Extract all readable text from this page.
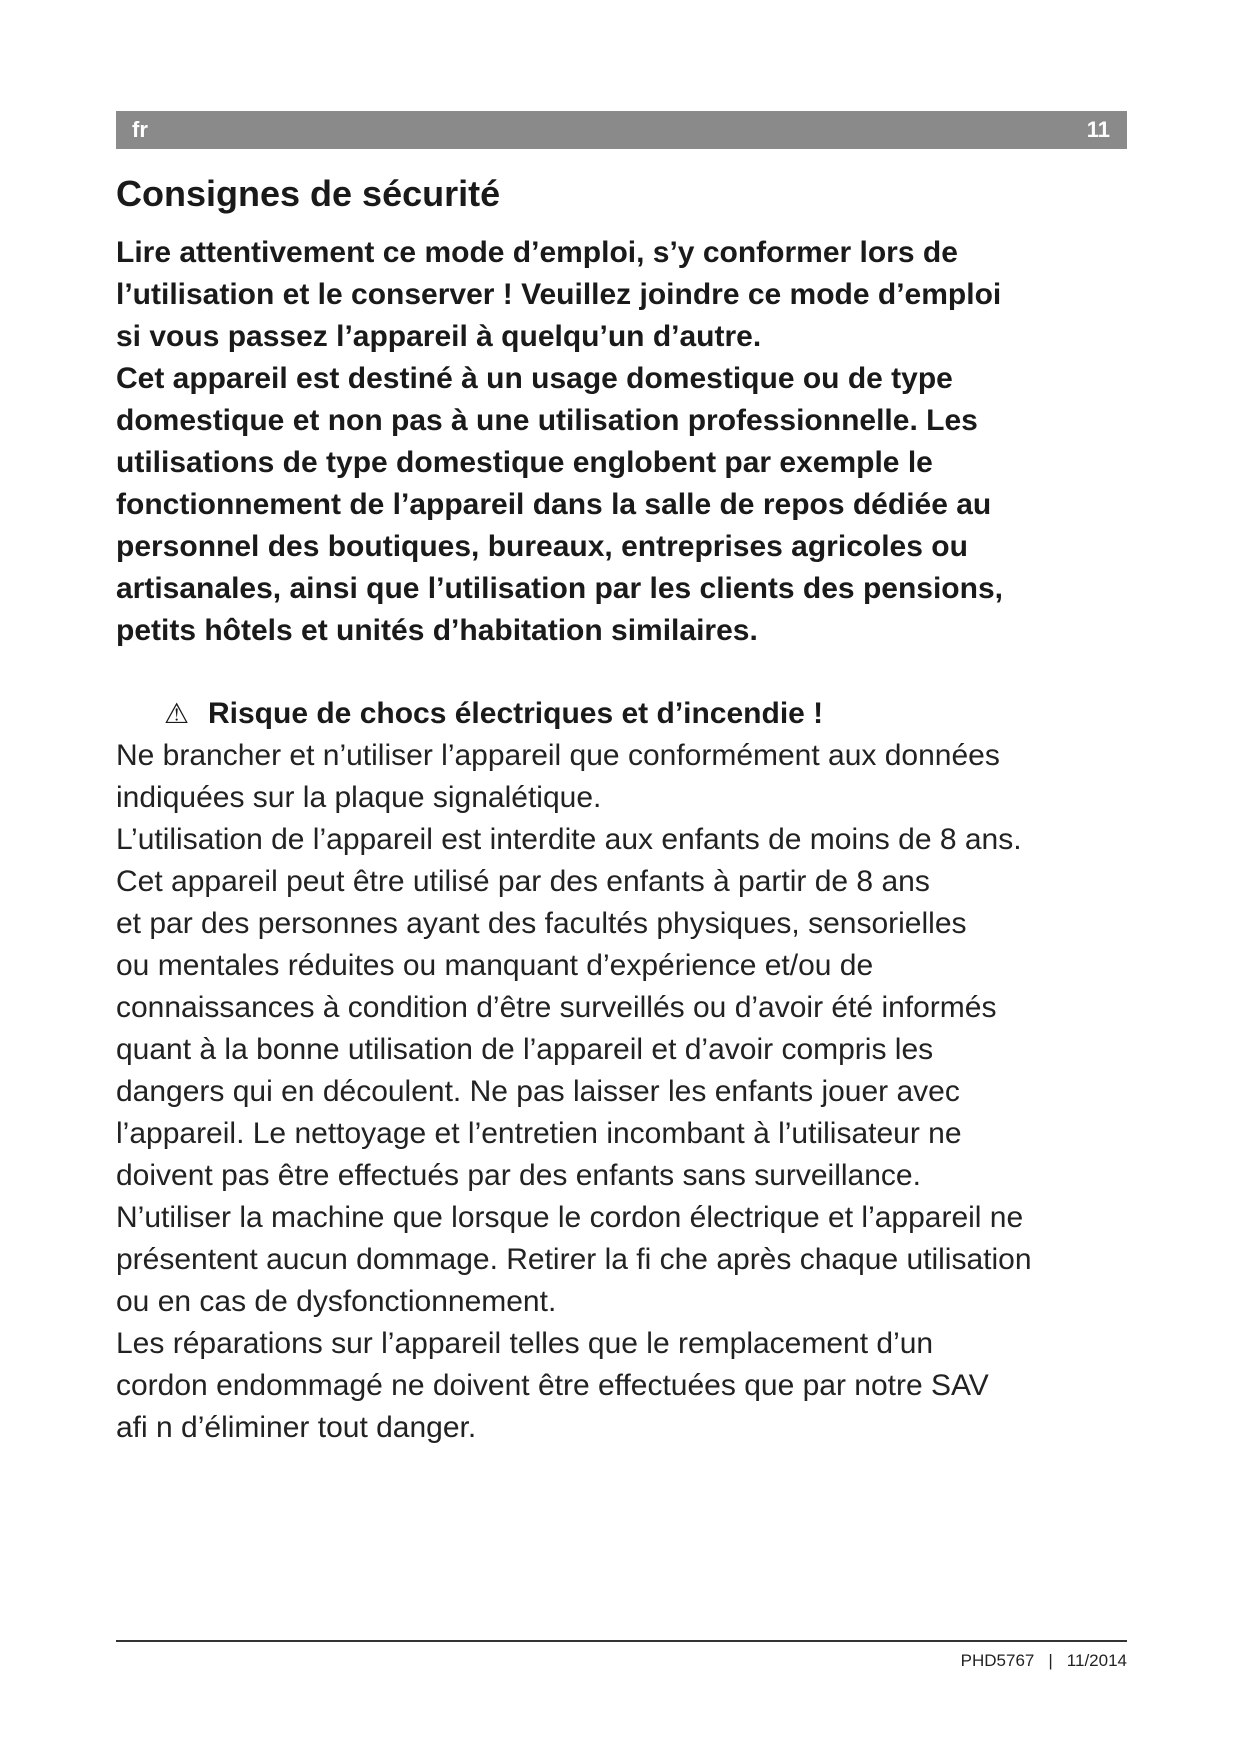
fr	11
Consignes de sécurité
Lire attentivement ce mode d’emploi, s’y conformer lors de
l’utilisation et le conserver ! Veuillez joindre ce mode d’emploi
si vous passez l’appareil à quelqu’un d’autre.
Cet appareil est destiné à un usage domestique ou de type
domestique et non pas à une utilisation professionnelle. Les
utilisations de type domestique englobent par exemple le
fonctionnement de l’appareil dans la salle de repos dédiée au
personnel des boutiques, bureaux, entreprises agricoles ou
artisanales, ainsi que l’utilisation par les clients des pensions,
petits hôtels et unités d’habitation similaires.
⚠ Risque de chocs électriques et d’incendie !
Ne brancher et n’utiliser l’appareil que conformément aux données
indiquées sur la plaque signalétique.
L’utilisation de l’appareil est interdite aux enfants de moins de 8 ans.
Cet appareil peut être utilisé par des enfants à partir de 8 ans
et par des personnes ayant des facultés physiques, sensorielles
ou mentales réduites ou manquant d’expérience et/ou de
connaissances à condition d’être surveillés ou d’avoir été informés
quant à la bonne utilisation de l’appareil et d’avoir compris les
dangers qui en découlent. Ne pas laisser les enfants jouer avec
l’appareil. Le nettoyage et l’entretien incombant à l’utilisateur ne
doivent pas être effectués par des enfants sans surveillance.
N’utiliser la machine que lorsque le cordon électrique et l’appareil ne
présentent aucun dommage. Retirer la fi che après chaque utilisation
ou en cas de dysfonctionnement.
Les réparations sur l’appareil telles que le remplacement d’un
cordon endommagé ne doivent être effectuées que par notre SAV
afi n d’éliminer tout danger.
PHD5767 | 11/2014
